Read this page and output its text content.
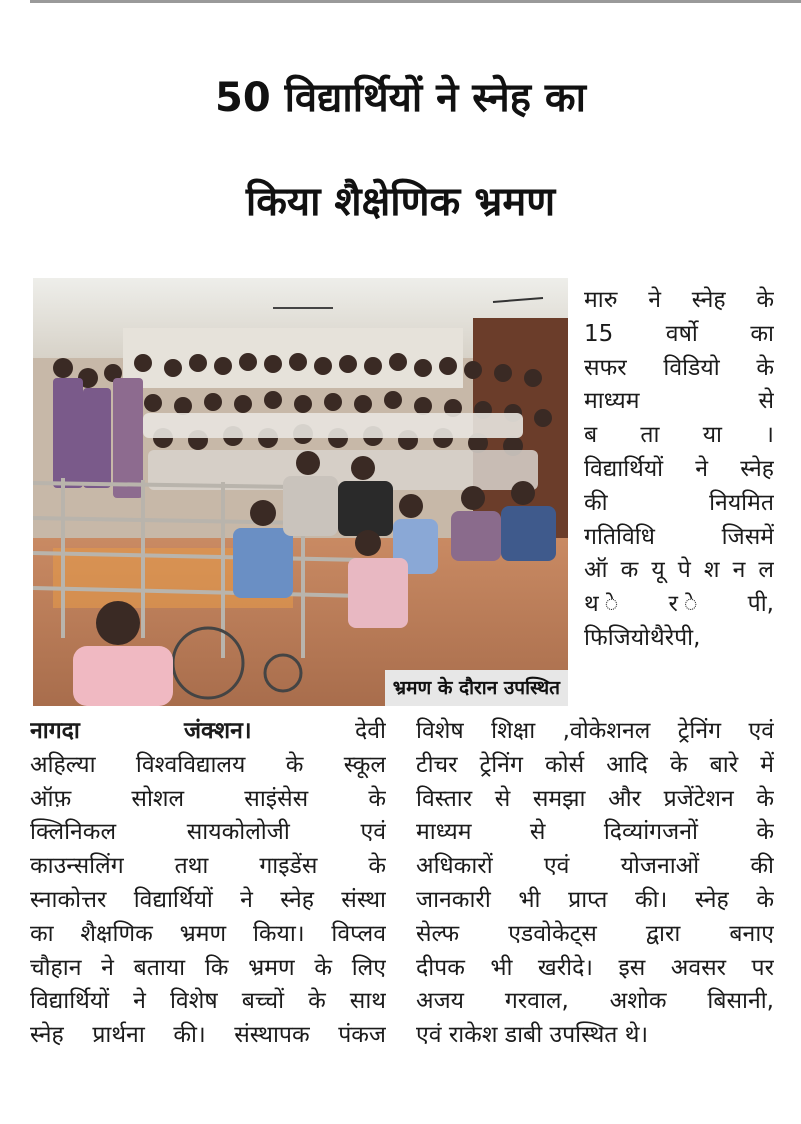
50 विद्यार्थियों ने स्नेह का
किया शैक्षेणिक भ्रमण
भ्रमण के दौरान उपस्थित
मारु ने स्नेह के
15 वर्षो का
सफर विडियो के
माध्यम से
ब ता या ।
विद्यार्थियों ने स्नेह
की नियमित
गतिविधि जिसमें
ऑ क यू पे श न ल
थ े र े पी,
फिजियोथैरेपी,
नागदा जंक्शन।	देवी
अहिल्या विश्वविद्यालय के स्कूल
ऑफ़ सोशल साइंसेस के
क्लिनिकल सायकोलोजी एवं
काउन्सलिंग तथा गाइडेंस के
स्नाकोत्तर विद्यार्थियों ने स्नेह संस्था
का शैक्षणिक भ्रमण किया। विप्लव
चौहान ने बताया कि भ्रमण के लिए
विद्यार्थियों ने विशेष बच्चों के साथ
स्नेह प्रार्थना की। संस्थापक पंकज
विशेष शिक्षा ,वोकेशनल ट्रेनिंग एवं
टीचर ट्रेनिंग कोर्स आदि के बारे में
विस्तार से समझा और प्रजेंटेशन के
माध्यम से दिव्यांगजनों के
अधिकारों एवं योजनाओं की
जानकारी भी प्राप्त की। स्नेह के
सेल्फ एडवोकेट्स द्वारा बनाए
दीपक भी खरीदे। इस अवसर पर
अजय गरवाल, अशोक बिसानी,
एवं राकेश डाबी उपस्थित थे।
